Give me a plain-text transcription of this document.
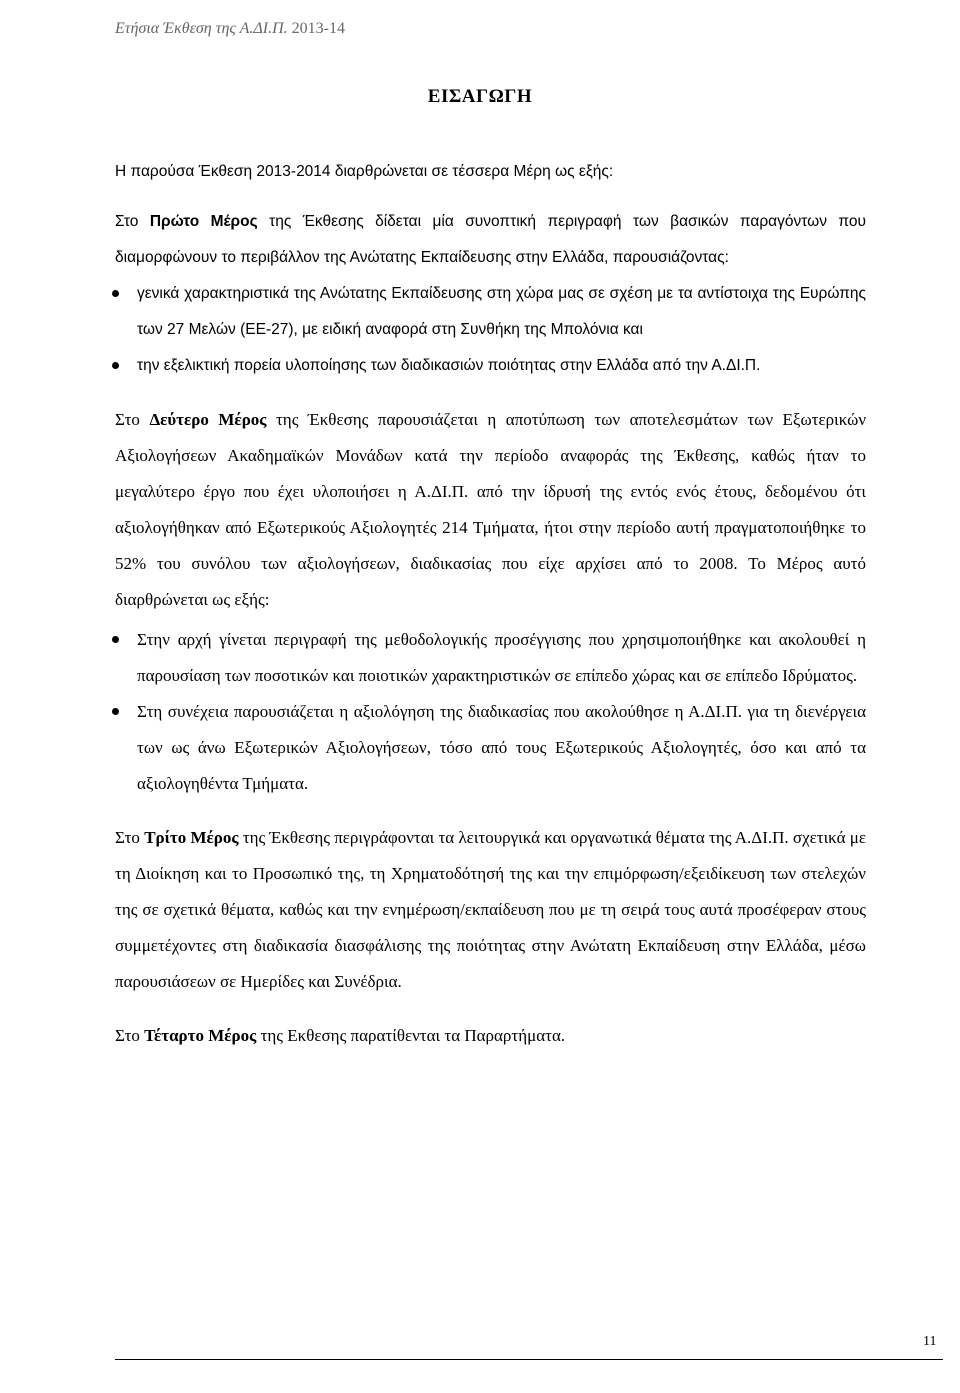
Ετήσια Έκθεση της Α.ΔΙ.Π. 2013-14
ΕΙΣΑΓΩΓΗ

Η παρούσα Έκθεση 2013-2014 διαρθρώνεται σε τέσσερα Μέρη ως εξής:

Στο Πρώτο Μέρος της Έκθεσης δίδεται μία συνοπτική περιγραφή των βασικών παραγόντων που διαμορφώνουν το περιβάλλον της Ανώτατης Εκπαίδευσης στην Ελλάδα, παρουσιάζοντας:

γενικά χαρακτηριστικά της Ανώτατης Εκπαίδευσης στη χώρα μας σε σχέση με τα αντίστοιχα της Ευρώπης των 27 Μελών (ΕΕ-27), με ειδική αναφορά στη Συνθήκη της Μπολόνια και
την εξελικτική πορεία υλοποίησης των διαδικασιών ποιότητας στην Ελλάδα από την Α.ΔΙ.Π.

Στο Δεύτερο Μέρος της Έκθεσης παρουσιάζεται η αποτύπωση των αποτελεσμάτων των Εξωτερικών Αξιολογήσεων Ακαδημαϊκών Μονάδων κατά την περίοδο αναφοράς της Έκθεσης, καθώς ήταν το μεγαλύτερο έργο που έχει υλοποιήσει η Α.ΔΙ.Π. από την ίδρυσή της εντός ενός έτους, δεδομένου ότι αξιολογήθηκαν από Εξωτερικούς Αξιολογητές 214 Τμήματα, ήτοι στην περίοδο αυτή πραγματοποιήθηκε το 52% του συνόλου των αξιολογήσεων, διαδικασίας που είχε αρχίσει από το 2008. Το Μέρος αυτό διαρθρώνεται ως εξής:

Στην αρχή γίνεται περιγραφή της μεθοδολογικής προσέγγισης που χρησιμοποιήθηκε και ακολουθεί η παρουσίαση των ποσοτικών και ποιοτικών χαρακτηριστικών σε επίπεδο χώρας και σε επίπεδο Ιδρύματος.
Στη συνέχεια παρουσιάζεται η αξιολόγηση της διαδικασίας που ακολούθησε η Α.ΔΙ.Π. για τη διενέργεια των ως άνω Εξωτερικών Αξιολογήσεων, τόσο από τους Εξωτερικούς Αξιολογητές, όσο και από τα αξιολογηθέντα Τμήματα.

Στο Τρίτο Μέρος της Έκθεσης περιγράφονται τα λειτουργικά και οργανωτικά θέματα της Α.ΔΙ.Π. σχετικά με τη Διοίκηση και το Προσωπικό της, τη Χρηματοδότησή της και την επιμόρφωση/εξειδίκευση των στελεχών της σε σχετικά θέματα, καθώς και την ενημέρωση/εκπαίδευση που με τη σειρά τους αυτά προσέφεραν στους συμμετέχοντες στη διαδικασία διασφάλισης της ποιότητας στην Ανώτατη Εκπαίδευση στην Ελλάδα, μέσω παρουσιάσεων σε Ημερίδες και Συνέδρια.

Στο Τέταρτο Μέρος της Εκθεσης παρατίθενται τα Παραρτήματα.

11
